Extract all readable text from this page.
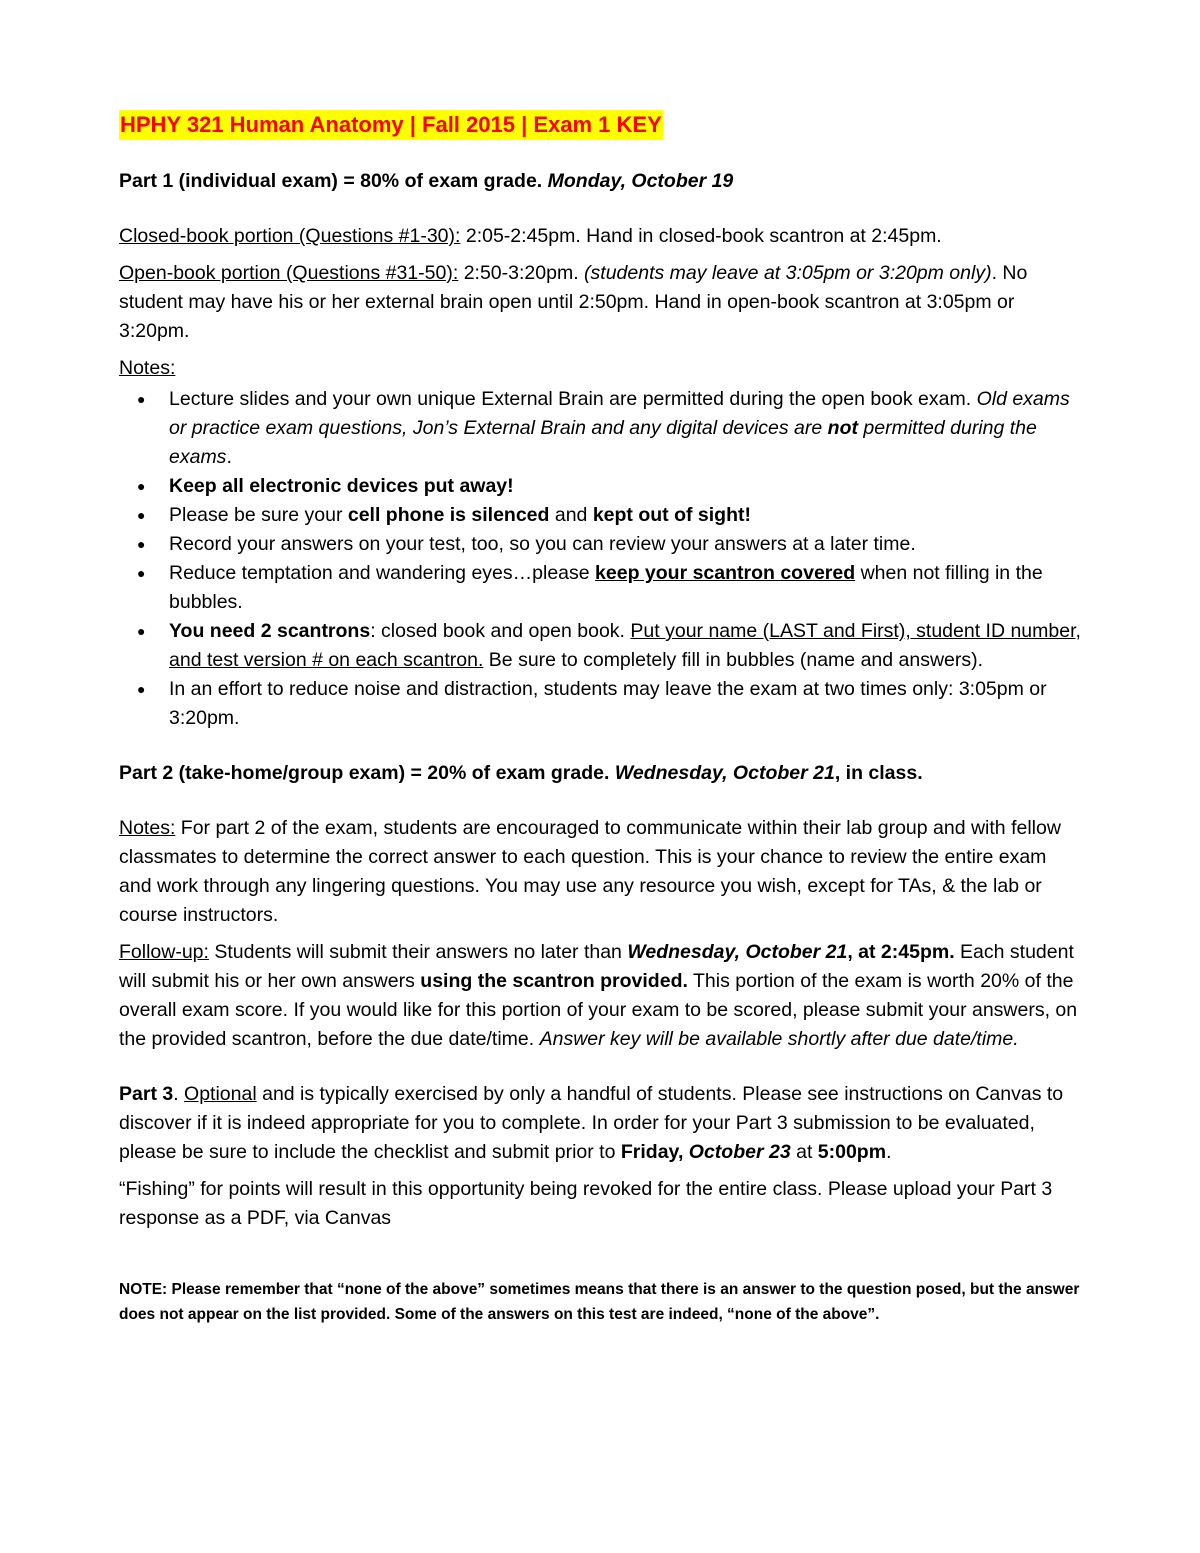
HPHY 321 Human Anatomy | Fall 2015 | Exam 1 KEY

Part 1 (individual exam) = 80% of exam grade. Monday, October 19

Closed-book portion (Questions #1-30): 2:05-2:45pm. Hand in closed-book scantron at 2:45pm.

Open-book portion (Questions #31-50): 2:50-3:20pm. (students may leave at 3:05pm or 3:20pm only). No student may have his or her external brain open until 2:50pm. Hand in open-book scantron at 3:05pm or 3:20pm.

Notes:

● Lecture slides and your own unique External Brain are permitted during the open book exam. Old exams or practice exam questions, Jon’s External Brain and any digital devices are not permitted during the exams.
● Keep all electronic devices put away!
● Please be sure your cell phone is silenced and kept out of sight!
● Record your answers on your test, too, so you can review your answers at a later time.
● Reduce temptation and wandering eyes…please keep your scantron covered when not filling in the bubbles.
● You need 2 scantrons: closed book and open book. Put your name (LAST and First), student ID number, and test version # on each scantron. Be sure to completely fill in bubbles (name and answers).
● In an effort to reduce noise and distraction, students may leave the exam at two times only: 3:05pm or 3:20pm.

Part 2 (take-home/group exam) = 20% of exam grade. Wednesday, October 21, in class.

Notes: For part 2 of the exam, students are encouraged to communicate within their lab group and with fellow classmates to determine the correct answer to each question. This is your chance to review the entire exam and work through any lingering questions. You may use any resource you wish, except for TAs, & the lab or course instructors.

Follow-up: Students will submit their answers no later than Wednesday, October 21, at 2:45pm. Each student will submit his or her own answers using the scantron provided. This portion of the exam is worth 20% of the overall exam score. If you would like for this portion of your exam to be scored, please submit your answers, on the provided scantron, before the due date/time. Answer key will be available shortly after due date/time.

Part 3. Optional and is typically exercised by only a handful of students. Please see instructions on Canvas to discover if it is indeed appropriate for you to complete. In order for your Part 3 submission to be evaluated, please be sure to include the checklist and submit prior to Friday, October 23 at 5:00pm.

“Fishing” for points will result in this opportunity being revoked for the entire class. Please upload your Part 3 response as a PDF, via Canvas

NOTE: Please remember that “none of the above” sometimes means that there is an answer to the question posed, but the answer does not appear on the list provided. Some of the answers on this test are indeed, “none of the above”.
